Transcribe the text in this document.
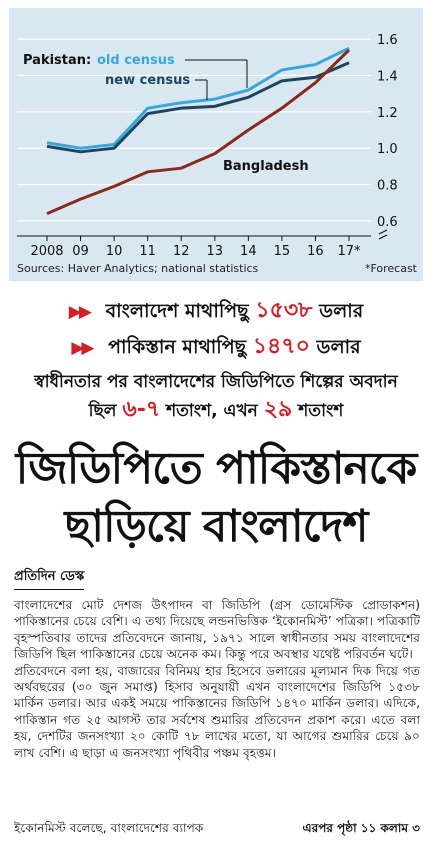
1.6
1.4
1.2
1.0
0.8
0.6
2008 09 10 11 12 13 14 15 16 17*
Pakistan: old census
new census
Bangladesh
Sources: Haver Analytics; national statistics	*Forecast
▶▶ বাংলাদেশ মাথাপিছু ১৫৩৮ ডলার
▶▶ পাকিস্তান মাথাপিছু ১৪৭০ ডলার
স্বাধীনতার পর বাংলাদেশের জিডিপিতে শিল্পের অবদান
ছিল ৬-৭ শতাংশ, এখন ২৯ শতাংশ
জিডিপিতে পাকিস্তানকে
ছাড়িয়ে বাংলাদেশ
প্রতিদিন ডেস্ক

বাংলাদেশের মোট দেশজ উৎপাদন বা জিডিপি (গ্রস ডোমেস্টিক প্রোডাকশন) পাকিস্তানের চেয়ে বেশি। এ তথ্য দিয়েছে লন্ডনভিত্তিক ‘ইকোনমিস্ট’ পত্রিকা। পত্রিকাটি বৃহস্পতিবার তাদের প্রতিবেদনে জানায়, ১৯৭১ সালে স্বাধীনতার সময় বাংলাদেশের জিডিপি ছিল পাকিস্তানের চেয়ে অনেক কম। কিন্তু পরে অবস্থার যথেষ্ট পরিবর্তন ঘটে।

প্রতিবেদনে বলা হয়, বাজারের বিনিময় হার হিসেবে ডলারের মূল্যমান দিক দিয়ে গত অর্থবছরের (৩০ জুন সমাপ্ত) হিসাব অনুযায়ী এখন বাংলাদেশের জিডিপি ১৫৩৮ মার্কিন ডলার। আর একই সময়ে পাকিস্তানের জিডিপি ১৪৭০ মার্কিন ডলার। এদিকে, পাকিস্তান গত ২৫ আগস্ট তার সর্বশেষ শুমারির প্রতিবেদন প্রকাশ করে। এতে বলা হয়, দেশটির জনসংখ্যা ২০ কোটি ৭৮ লাখের মতো, যা আগের শুমারির চেয়ে ৯০ লাখ বেশি। এ ছাড়া এ জনসংখ্যা পৃথিবীর পঞ্চম বৃহত্তম।

ইকোনমিস্ট বলেছে, বাংলাদেশের ব্যাপক	এরপর পৃষ্ঠা ১১ কলাম ৩
